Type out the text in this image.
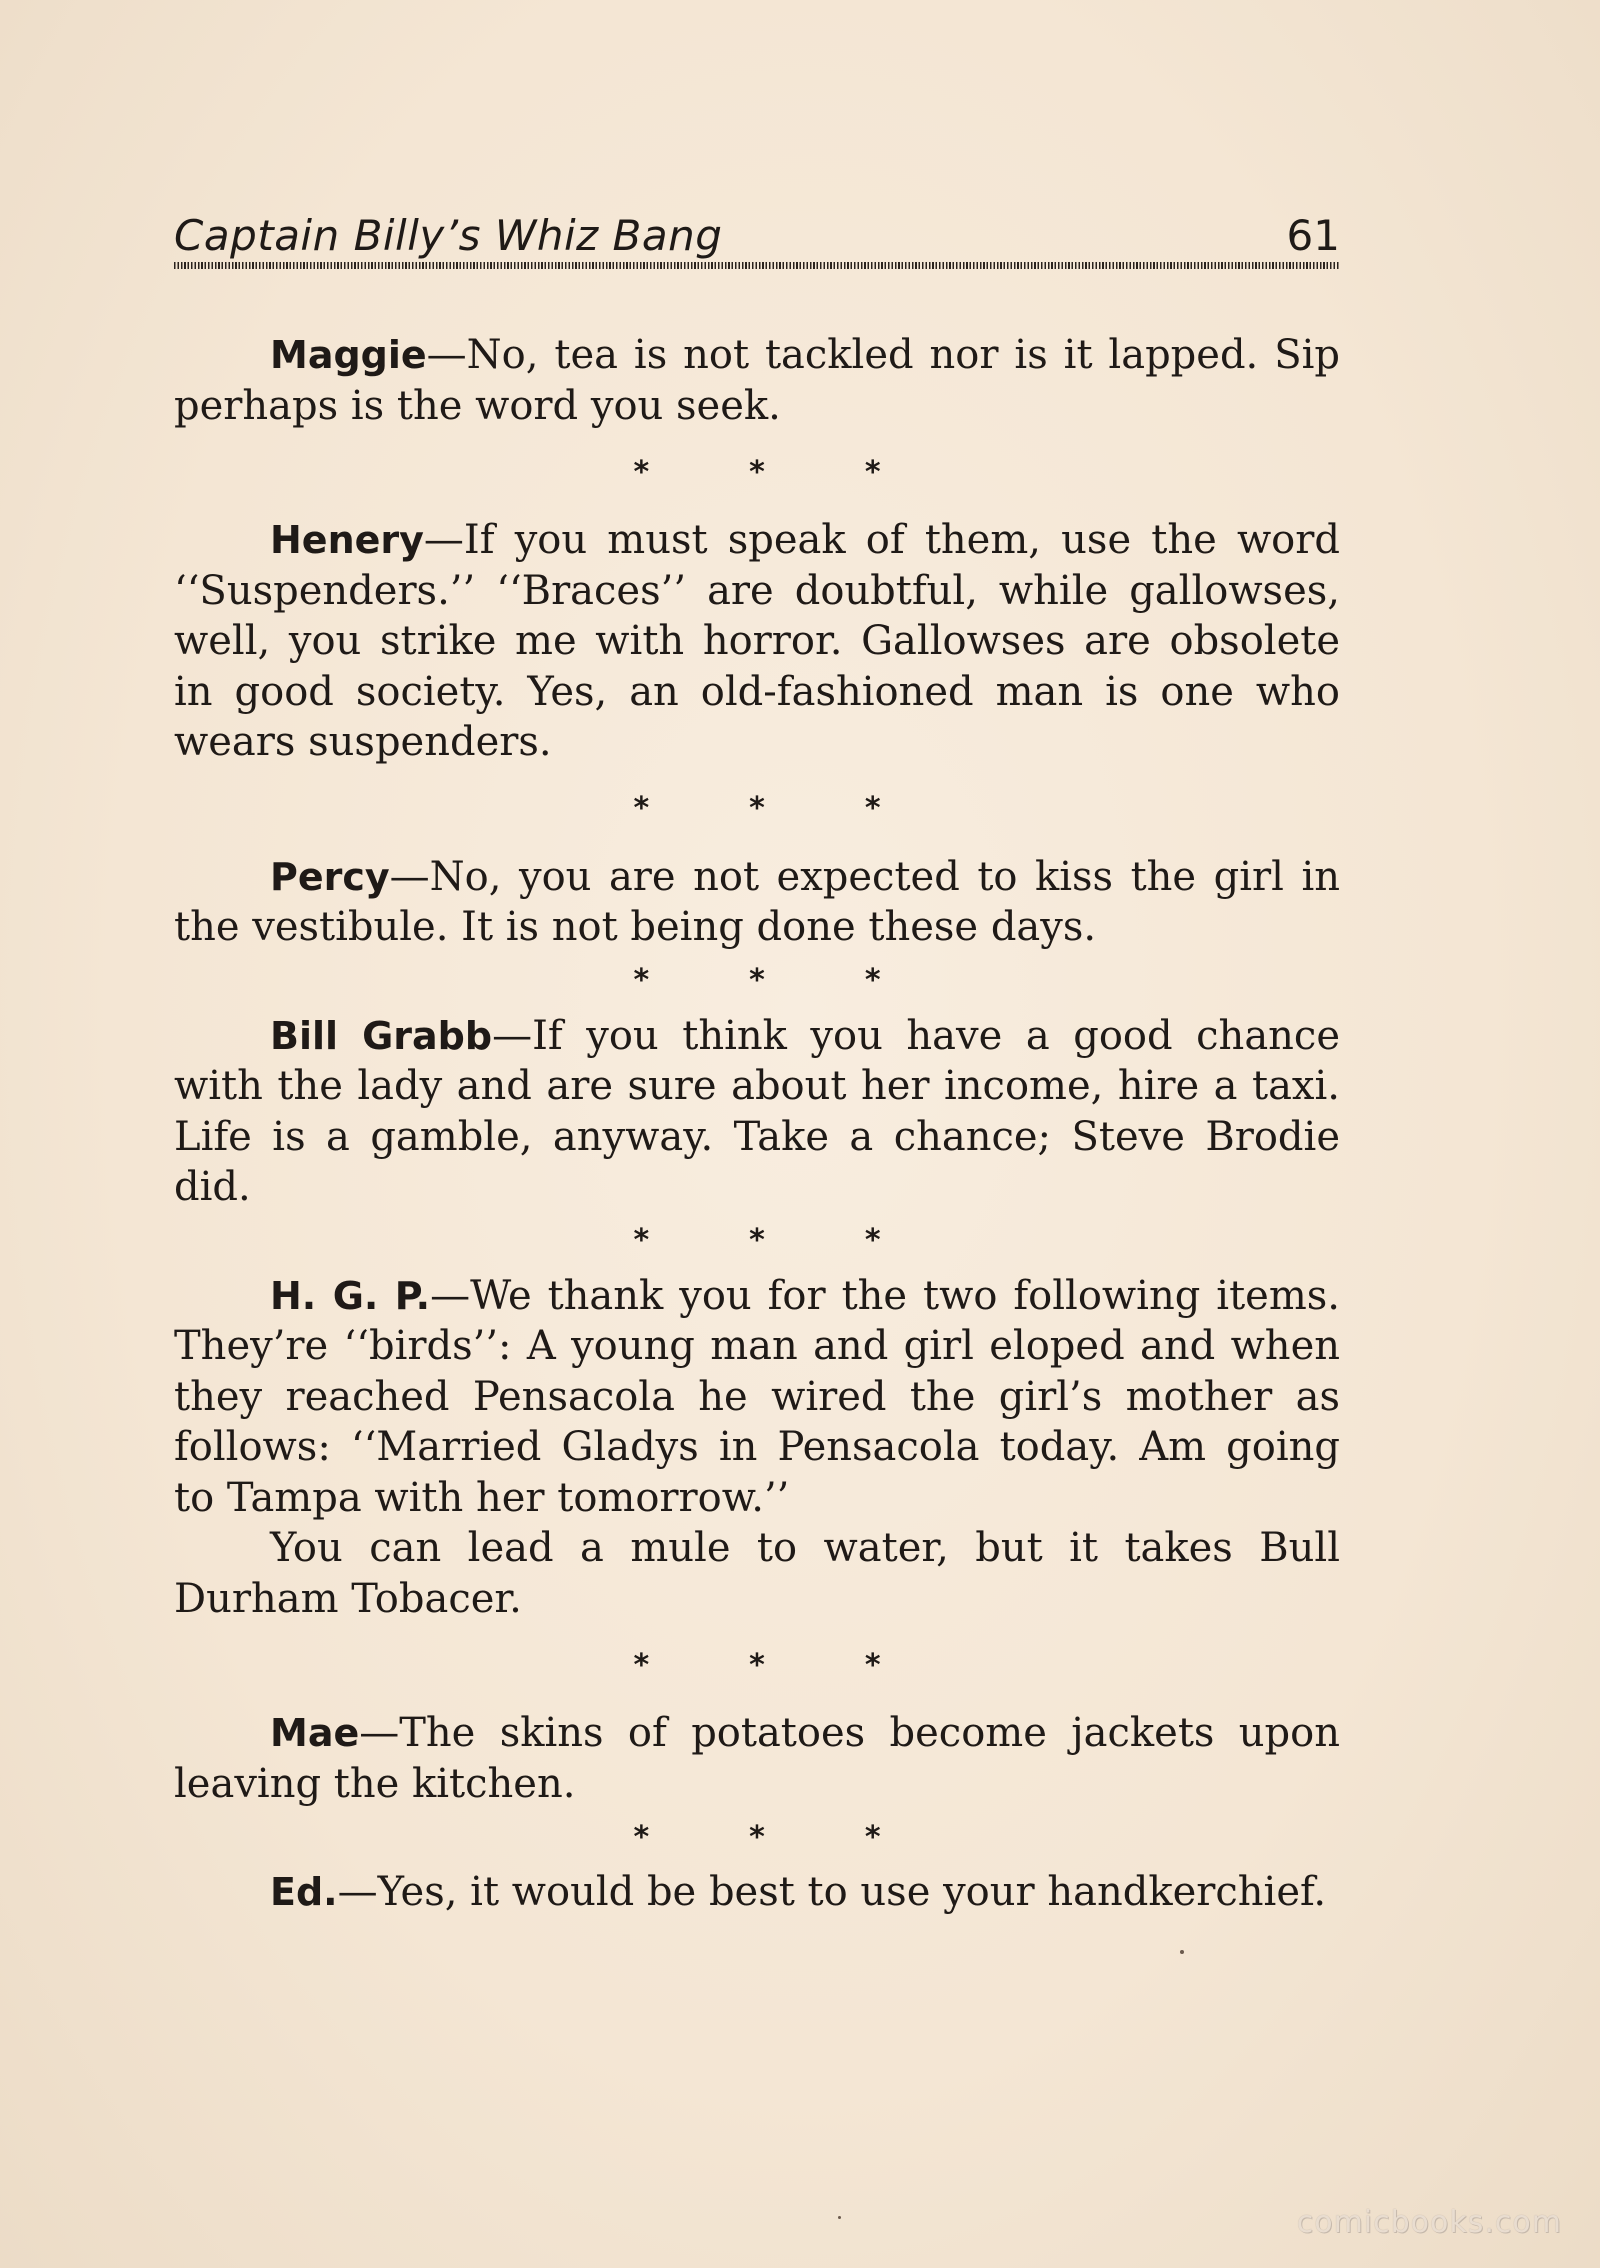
Captain Billy’s Whiz Bang	61

Maggie—No, tea is not tackled nor is it lapped. Sip perhaps is the word you seek.

*	*	*

Henery—If you must speak of them, use the word ‘‘Suspenders.’’ ‘‘Braces’’ are doubtful, while gallowses, well, you strike me with horror. Gallowses are obsolete in good society. Yes, an old-fashioned man is one who wears suspenders.

*	*	*

Percy—No, you are not expected to kiss the girl in the vestibule. It is not being done these days.

*	*	*

Bill Grabb—If you think you have a good chance with the lady and are sure about her income, hire a taxi. Life is a gamble, anyway. Take a chance; Steve Brodie did.

*	*	*

H. G. P.—We thank you for the two following items. They’re ‘‘birds’’: A young man and girl eloped and when they reached Pensacola he wired the girl’s mother as follows: ‘‘Married Gladys in Pensacola today. Am going to Tampa with her tomorrow.’’
You can lead a mule to water, but it takes Bull Durham Tobacer.

*	*	*

Mae—The skins of potatoes become jackets upon leaving the kitchen.

*	*	*

Ed.—Yes, it would be best to use your handkerchief.

comicbooks.com
